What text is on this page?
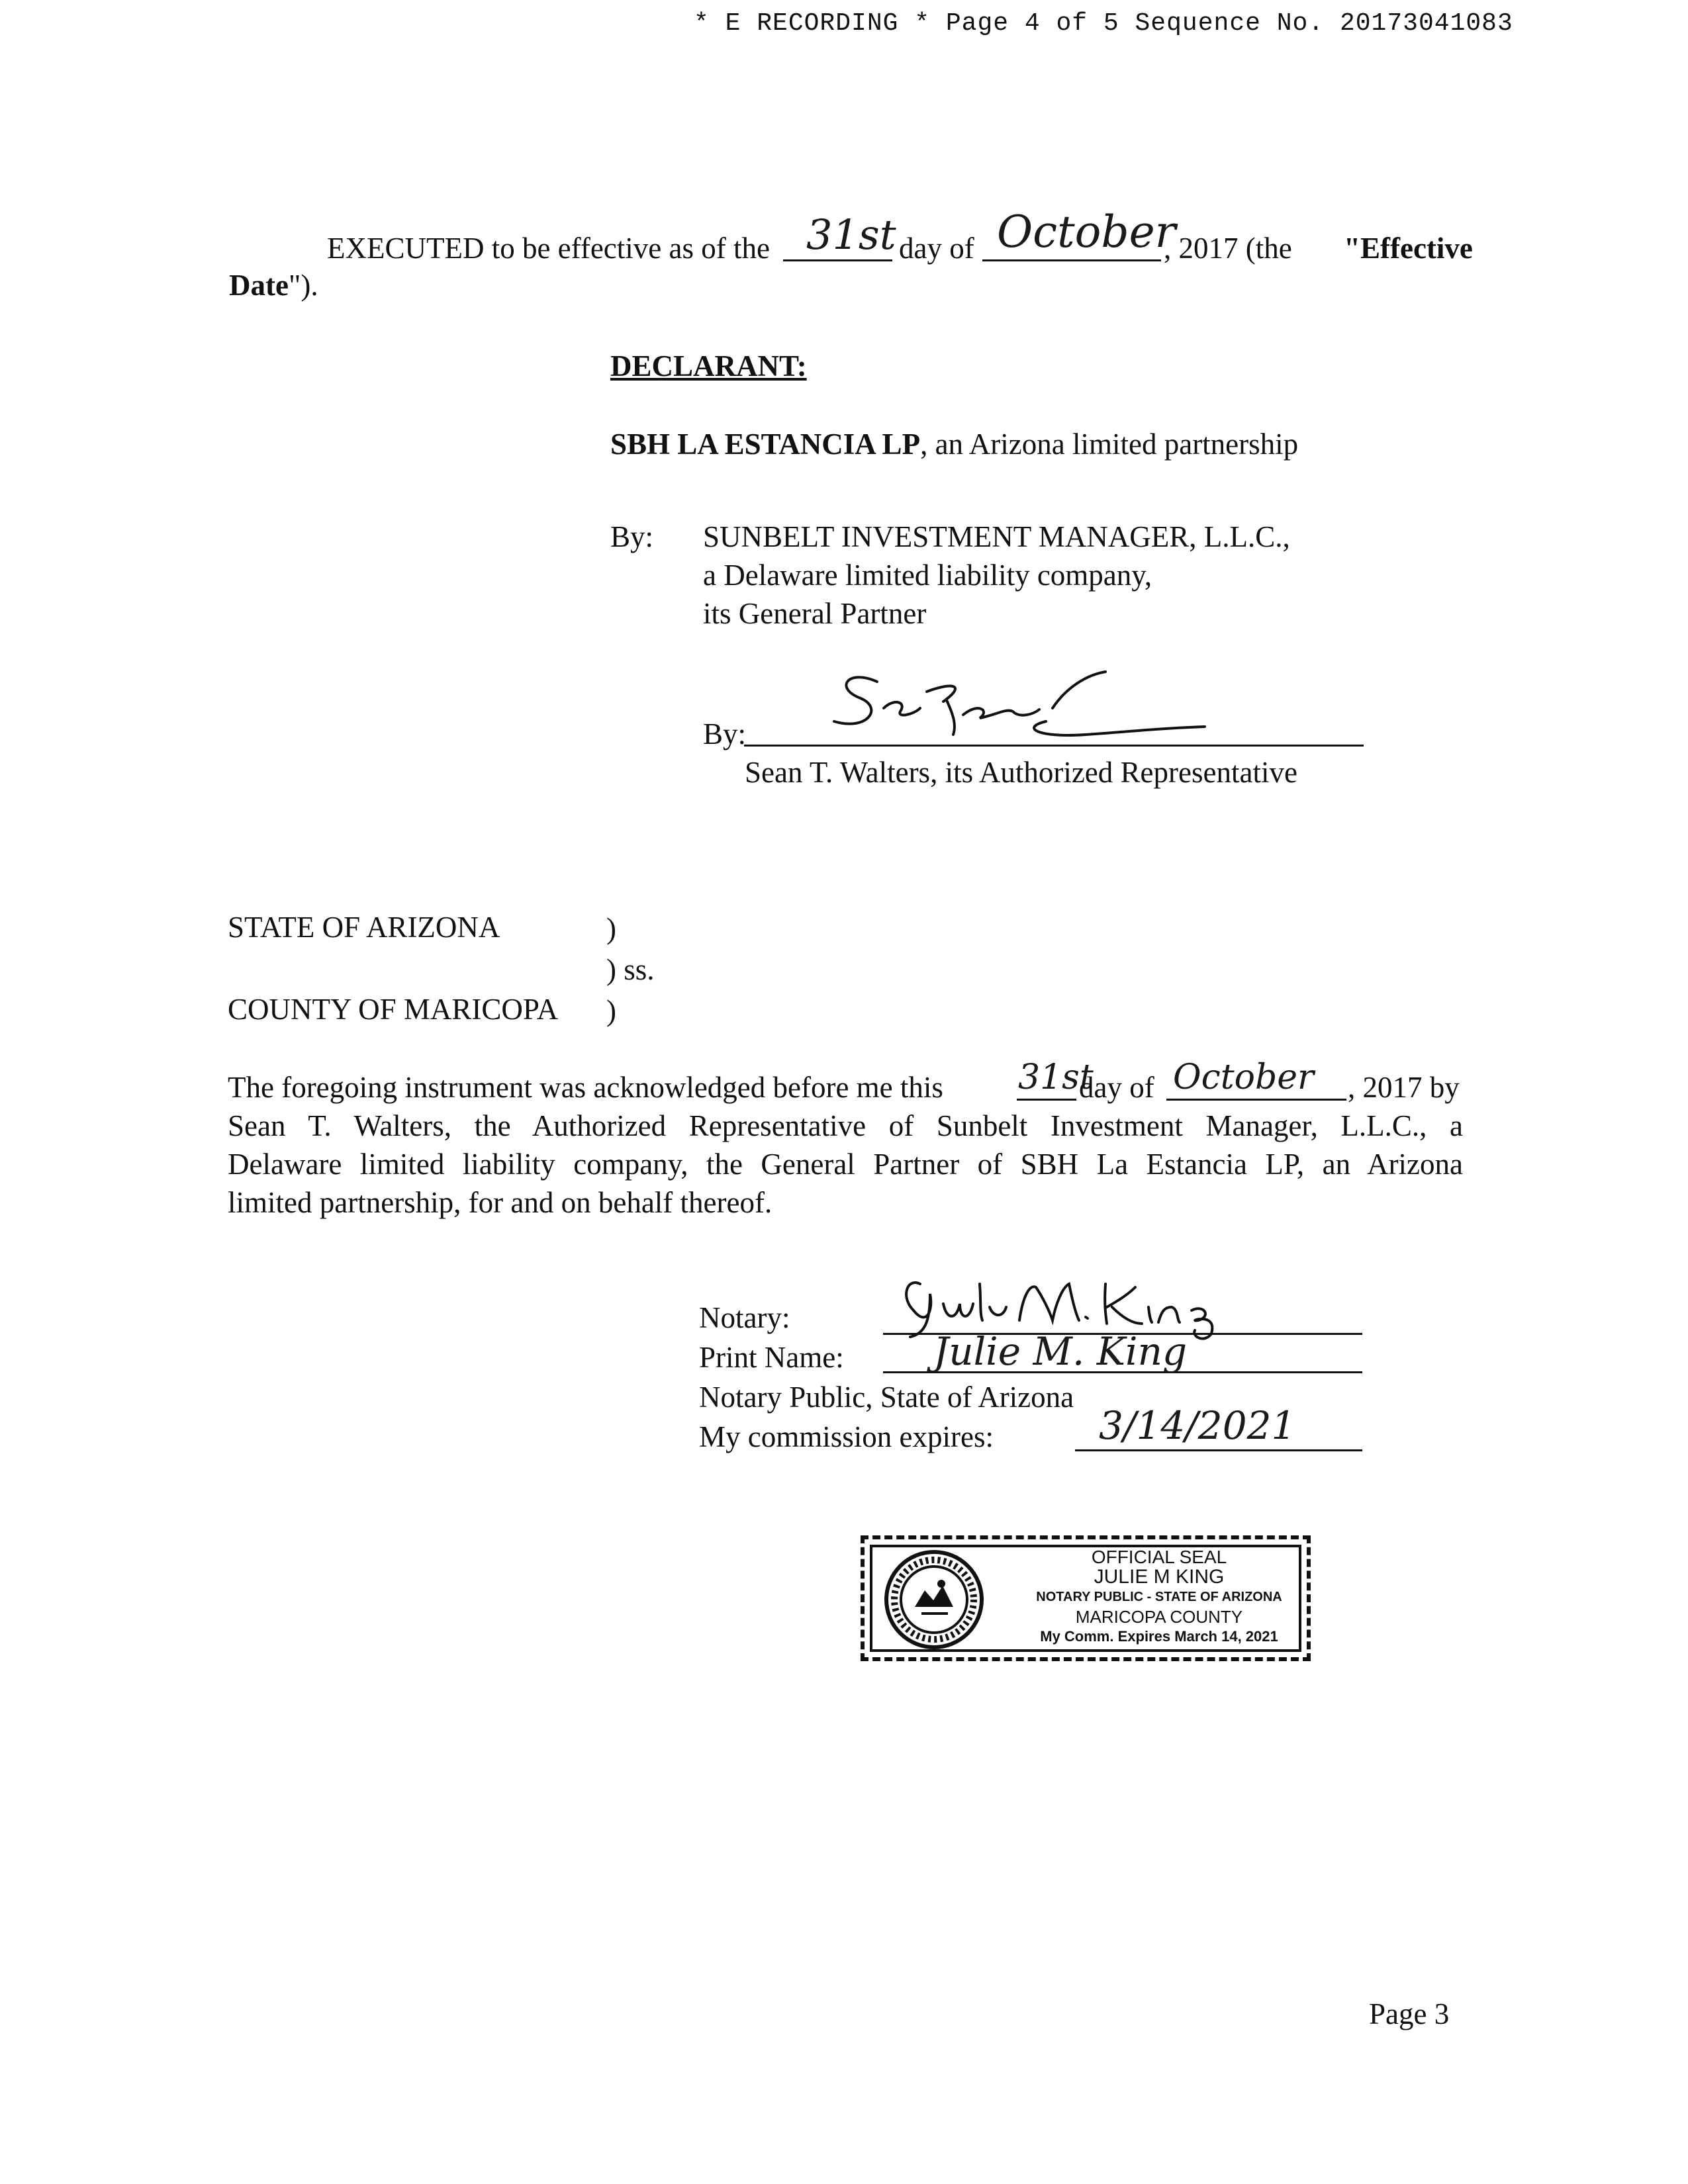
* E RECORDING * Page 4 of 5 Sequence No. 20173041083
EXECUTED to be effective as of the 31st day of October
, 2017 (the "Effective
Date").
DECLARANT:
SBH LA ESTANCIA LP, an Arizona limited partnership
By: SUNBELT INVESTMENT MANAGER, L.L.C.,
a Delaware limited liability company,
its General Partner
By:
Sean T. Walters, its Authorized Representative
STATE OF ARIZONA	)
) ss.
COUNTY OF MARICOPA )
The foregoing instrument was acknowledged before me this 31st
day of October , 2017 by
Sean T. Walters, the Authorized Representative of Sunbelt Investment Manager, L.L.C., a
Delaware limited liability company, the General Partner of SBH La Estancia LP, an Arizona
limited partnership, for and on behalf thereof.
Notary:
Print Name: Julie M. King
Notary Public, State of Arizona
My commission expires:	3/14/2021
OFFICIAL SEAL
JULIE M KING
NOTARY PUBLIC - STATE OF ARIZONA
MARICOPA COUNTY
My Comm. Expires March 14, 2021
Page 3
